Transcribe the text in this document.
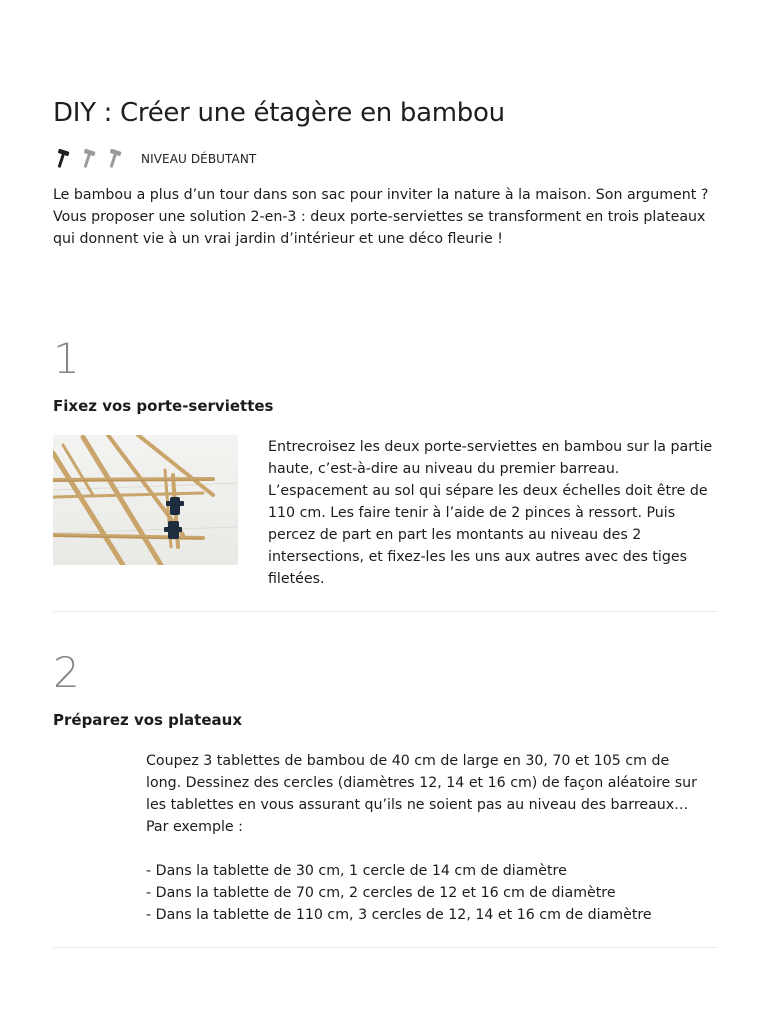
DIY : Créer une étagère en bambou
NIVEAU DÉBUTANT

Le bambou a plus d’un tour dans son sac pour inviter la nature à la maison. Son argument ? Vous proposer une solution 2-en-3 : deux porte-serviettes se transforment en trois plateaux qui donnent vie à un vrai jardin d’intérieur et une déco fleurie !

1
Fixez vos porte-serviettes

Entrecroisez les deux porte-serviettes en bambou sur la partie haute, c’est-à-dire au niveau du premier barreau. L’espacement au sol qui sépare les deux échelles doit être de 110 cm. Les faire tenir à l’aide de 2 pinces à ressort. Puis percez de part en part les montants au niveau des 2 intersections, et fixez-les les uns aux autres avec des tiges filetées.

2
Préparez vos plateaux

Coupez 3 tablettes de bambou de 40 cm de large en 30, 70 et 105 cm de long. Dessinez des cercles (diamètres 12, 14 et 16 cm) de façon aléatoire sur les tablettes en vous assurant qu’ils ne soient pas au niveau des barreaux… Par exemple :

- Dans la tablette de 30 cm, 1 cercle de 14 cm de diamètre
- Dans la tablette de 70 cm, 2 cercles de 12 et 16 cm de diamètre
- Dans la tablette de 110 cm, 3 cercles de 12, 14 et 16 cm de diamètre
